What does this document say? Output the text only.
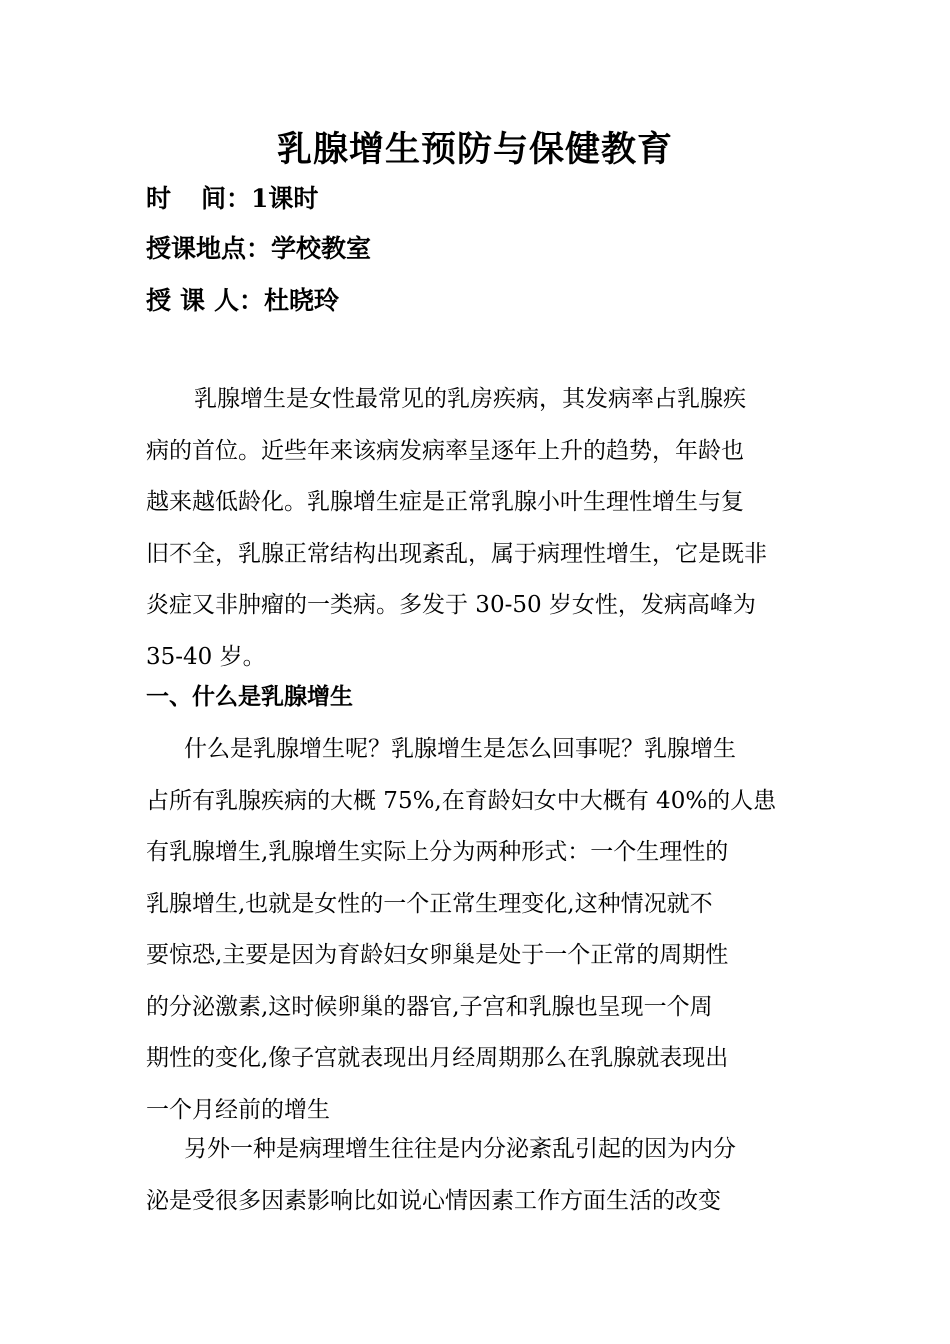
乳腺增生预防与保健教育
时 间：1课时
授课地点：学校教室
授 课 人：杜晓玲
乳腺增生是女性最常见的乳房疾病，其发病率占乳腺疾
病的首位。近些年来该病发病率呈逐年上升的趋势，年龄也
越来越低龄化。乳腺增生症是正常乳腺小叶生理性增生与复
旧不全，乳腺正常结构出现紊乱，属于病理性增生，它是既非
炎症又非肿瘤的一类病。多发于 30-50 岁女性，发病高峰为
35-40 岁。
一、什么是乳腺增生
什么是乳腺增生呢？乳腺增生是怎么回事呢？乳腺增生
占所有乳腺疾病的大概 75%,在育龄妇女中大概有 40%的人患
有乳腺增生,乳腺增生实际上分为两种形式：一个生理性的
乳腺增生,也就是女性的一个正常生理变化,这种情况就不
要惊恐,主要是因为育龄妇女卵巢是处于一个正常的周期性
的分泌激素,这时候卵巢的器官,子宫和乳腺也呈现一个周
期性的变化,像子宫就表现出月经周期那么在乳腺就表现出
一个月经前的增生
另外一种是病理增生往往是内分泌紊乱引起的因为内分
泌是受很多因素影响比如说心情因素工作方面生活的改变
